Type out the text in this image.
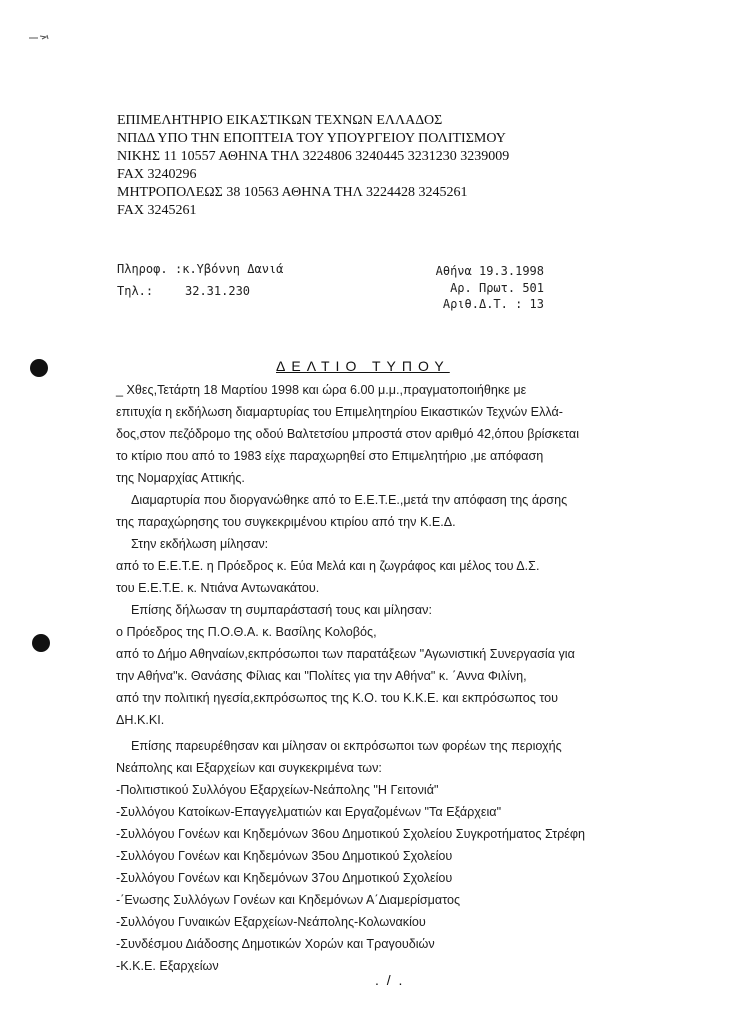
ΕΠΙΜΕΛΗΤΗΡΙΟ ΕΙΚΑΣΤΙΚΩΝ ΤΕΧΝΩΝ ΕΛΛΑΔΟΣ
ΝΠΔΔ ΥΠΟ ΤΗΝ ΕΠΟΠΤΕΙΑ ΤΟΥ ΥΠΟΥΡΓΕΙΟΥ ΠΟΛΙΤΙΣΜΟΥ
ΝΙΚΗΣ 11 10557 ΑΘΗΝΑ ΤΗΛ 3224806 3240445 3231230 3239009
FAX 3240296
ΜΗΤΡΟΠΟΛΕΩΣ 38 10563 ΑΘΗΝΑ ΤΗΛ 3224428 3245261
FAX 3245261
Πληροφ. :κ.Υβόννη Δανιά
Τηλ.:	32.31.230
Αθήνα 19.3.1998
Αρ. Πρωτ. 501
Αριθ.Δ.Τ. : 13
ΔΕΛΤΙΟ ΤΥΠΟΥ

_ Χθες,Τετάρτη 18 Μαρτίου 1998 και ώρα 6.00 μ.μ.,πραγματοποιήθηκε με

επιτυχία η εκδήλωση διαμαρτυρίας του Επιμελητηρίου Εικαστικών Τεχνών Ελλά-

δος,στον πεζόδρομο της οδού Βαλτετσίου μπροστά στον αριθμό 42,όπου βρίσκεται

το κτίριο που από το 1983 είχε παραχωρηθεί στο Επιμελητήριο ,με απόφαση

της Νομαρχίας Αττικής.

Διαμαρτυρία που διοργανώθηκε από το Ε.Ε.Τ.Ε.,μετά την απόφαση της άρσης

της παραχώρησης του συγκεκριμένου κτιρίου από την Κ.Ε.Δ.

Στην εκδήλωση μίλησαν:

από το Ε.Ε.Τ.Ε. η Πρόεδρος κ. Εύα Μελά και η ζωγράφος και μέλος του Δ.Σ.

του Ε.Ε.Τ.Ε. κ. Ντιάνα Αντωνακάτου.

Επίσης δήλωσαν τη συμπαράστασή τους και μίλησαν:

ο Πρόεδρος της Π.Ο.Θ.Α. κ. Βασίλης Κολοβός,

από το Δήμο Αθηναίων,εκπρόσωποι των παρατάξεων "Αγωνιστική Συνεργασία για

την Αθήνα"κ. Θανάσης Φίλιας και "Πολίτες για την Αθήνα" κ. ΄Αννα Φιλίνη,

από την πολιτική ηγεσία,εκπρόσωπος της Κ.Ο. του Κ.Κ.Ε. και εκπρόσωπος του

ΔΗ.Κ.ΚΙ.

Επίσης παρευρέθησαν και μίλησαν οι εκπρόσωποι των φορέων της περιοχής

Νεάπολης και Εξαρχείων και συγκεκριμένα των:

-Πολιτιστικού Συλλόγου Εξαρχείων-Νεάπολης "Η Γειτονιά"

-Συλλόγου Κατοίκων-Επαγγελματιών και Εργαζομένων "Τα Εξάρχεια"

-Συλλόγου Γονέων και Κηδεμόνων 36ου Δημοτικού Σχολείου Συγκροτήματος Στρέφη

-Συλλόγου Γονέων και Κηδεμόνων 35ου Δημοτικού Σχολείου

-Συλλόγου Γονέων και Κηδεμόνων 37ου Δημοτικού Σχολείου

-΄Ενωσης Συλλόγων Γονέων και Κηδεμόνων Α΄Διαμερίσματος

-Συλλόγου Γυναικών Εξαρχείων-Νεάπολης-Κολωνακίου

-Συνδέσμου Διάδοσης Δημοτικών Χορών και Τραγουδιών

-Κ.Κ.Ε. Εξαρχείων

. / .
